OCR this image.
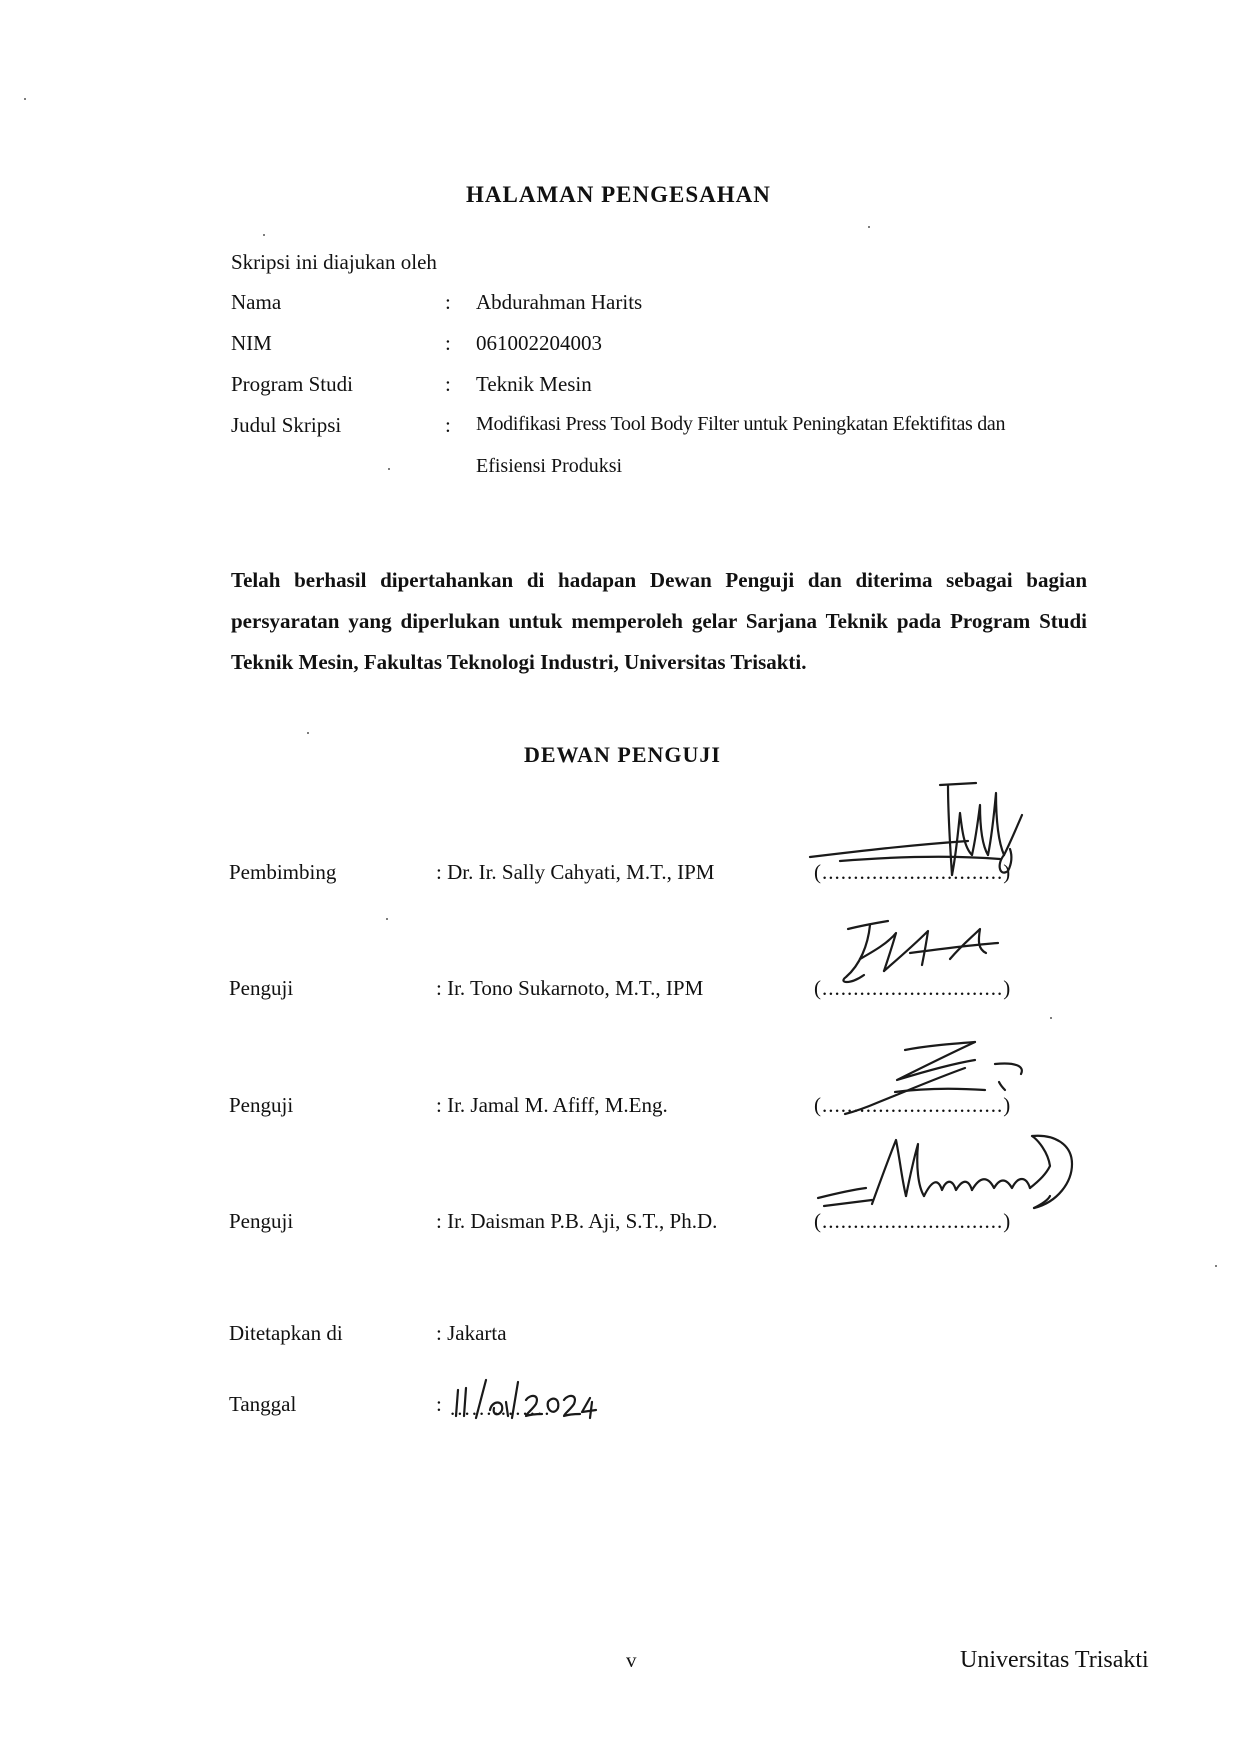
HALAMAN PENGESAHAN
Skripsi ini diajukan oleh
Nama	: Abdurahman Harits
NIM	: 061002204003
Program Studi	: Teknik Mesin
Judul Skripsi	: Modifikasi Press Tool Body Filter untuk Peningkatan Efektifitas dan
Efisiensi Produksi
Telah berhasil dipertahankan di hadapan Dewan Penguji dan diterima sebagai bagian persyaratan yang diperlukan untuk memperoleh gelar Sarjana Teknik pada Program Studi Teknik Mesin, Fakultas Teknologi Industri, Universitas Trisakti.
DEWAN PENGUJI
Pembimbing	: Dr. Ir. Sally Cahyati, M.T., IPM	(.............................)
Penguji	: Ir. Tono Sukarnoto, M.T., IPM	(.............................)
Penguji	: Ir. Jamal M. Afiff, M.Eng.	(.............................)
Penguji	: Ir. Daisman P.B. Aji, S.T., Ph.D.	(.............................)
Ditetapkan di	: Jakarta
Tanggal	: ..............
v	Universitas Trisakti
